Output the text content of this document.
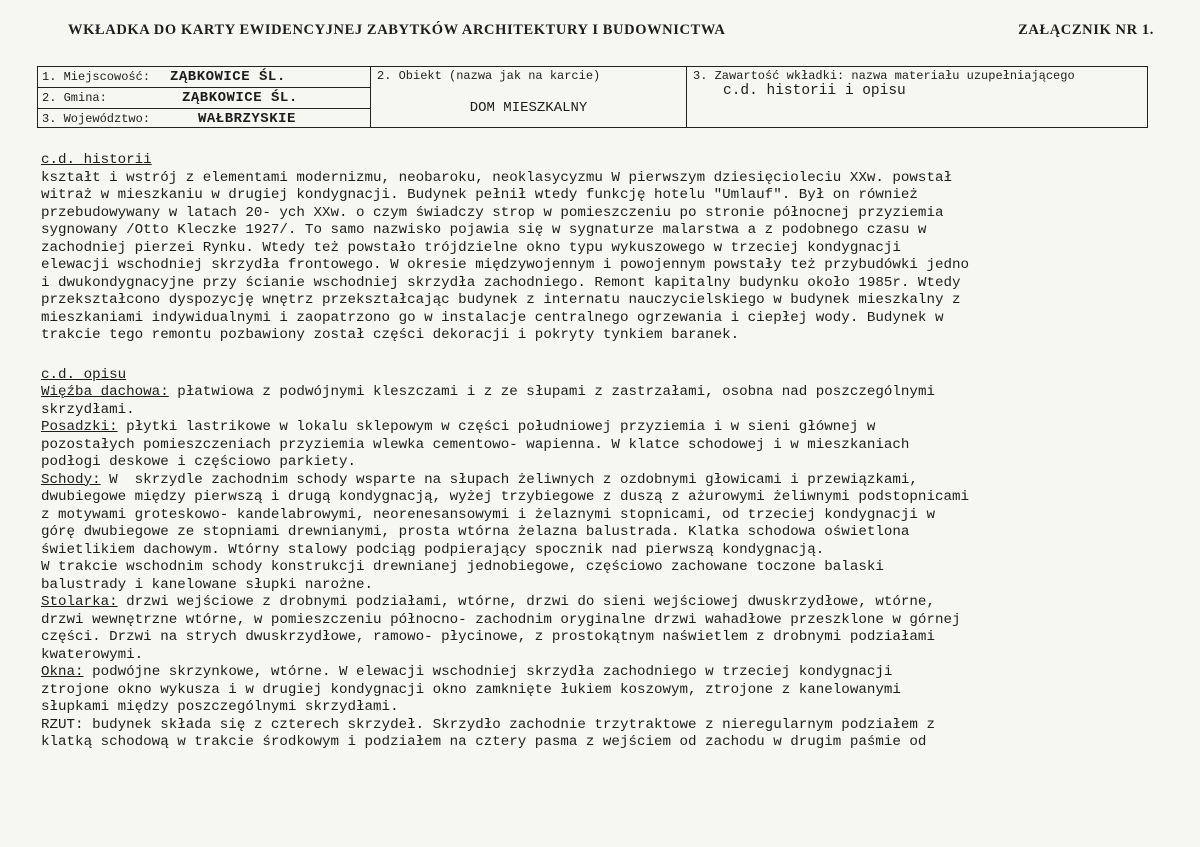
WKŁADKA DO KARTY EWIDENCYJNEJ ZABYTKÓW ARCHITEKTURY I BUDOWNICTWA	ZAŁĄCZNIK NR 1.
1. Miejscowość:	ZĄBKOWICE ŚL.
2. Gmina:	ZĄBKOWICE ŚL.
3. Województwo:	WAŁBRZYSKIE
2. Obiekt (nazwa jak na karcie)
DOM MIESZKALNY
3. Zawartość wkładki: nazwa materiału uzupełniającego
c.d. historii i opisu

c.d. historii

kształt i wstrój z elementami modernizmu, neobaroku, neoklasycyzmu W pierwszym dziesięcioleciu XXw. powstał

witraż w mieszkaniu w drugiej kondygnacji. Budynek pełnił wtedy funkcję hotelu "Umlauf". Był on również

przebudowywany w latach 20- ych XXw. o czym świadczy strop w pomieszczeniu po stronie północnej przyziemia

sygnowany /Otto Kleczke 1927/. To samo nazwisko pojawia się w sygnaturze malarstwa a z podobnego czasu w

zachodniej pierzei Rynku. Wtedy też powstało trójdzielne okno typu wykuszowego w trzeciej kondygnacji

elewacji wschodniej skrzydła frontowego. W okresie międzywojennym i powojennym powstały też przybudówki jedno

i dwukondygnacyjne przy ścianie wschodniej skrzydła zachodniego. Remont kapitalny budynku około 1985r. Wtedy

przekształcono dyspozycję wnętrz przekształcając budynek z internatu nauczycielskiego w budynek mieszkalny z

mieszkaniami indywidualnymi i zaopatrzono go w instalacje centralnego ogrzewania i ciepłej wody. Budynek w

trakcie tego remontu pozbawiony został części dekoracji i pokryty tynkiem baranek.

c.d. opisu

Więźba dachowa: płatwiowa z podwójnymi kleszczami i z ze słupami z zastrzałami, osobna nad poszczególnymi

skrzydłami.

Posadzki: płytki lastrikowe w lokalu sklepowym w części południowej przyziemia i w sieni głównej w

pozostałych pomieszczeniach przyziemia wlewka cementowo- wapienna. W klatce schodowej i w mieszkaniach

podłogi deskowe i częściowo parkiety.

Schody: W  skrzydle zachodnim schody wsparte na słupach żeliwnych z ozdobnymi głowicami i przewiązkami,

dwubiegowe między pierwszą i drugą kondygnacją, wyżej trzybiegowe z duszą z ażurowymi żeliwnymi podstopnicami

z motywami groteskowo- kandelabrowymi, neorenesansowymi i żelaznymi stopnicami, od trzeciej kondygnacji w

górę dwubiegowe ze stopniami drewnianymi, prosta wtórna żelazna balustrada. Klatka schodowa oświetlona

świetlikiem dachowym. Wtórny stalowy podciąg podpierający spocznik nad pierwszą kondygnacją.

W trakcie wschodnim schody konstrukcji drewnianej jednobiegowe, częściowo zachowane toczone balaski

balustrady i kanelowane słupki narożne.

Stolarka: drzwi wejściowe z drobnymi podziałami, wtórne, drzwi do sieni wejściowej dwuskrzydłowe, wtórne,

drzwi wewnętrzne wtórne, w pomieszczeniu północno- zachodnim oryginalne drzwi wahadłowe przeszklone w górnej

części. Drzwi na strych dwuskrzydłowe, ramowo- płycinowe, z prostokątnym naświetlem z drobnymi podziałami

kwaterowymi.

Okna: podwójne skrzynkowe, wtórne. W elewacji wschodniej skrzydła zachodniego w trzeciej kondygnacji

ztrojone okno wykusza i w drugiej kondygnacji okno zamknięte łukiem koszowym, ztrojone z kanelowanymi

słupkami między poszczególnymi skrzydłami.

RZUT: budynek składa się z czterech skrzydeł. Skrzydło zachodnie trzytraktowe z nieregularnym podziałem z

klatką schodową w trakcie środkowym i podziałem na cztery pasma z wejściem od zachodu w drugim paśmie od
